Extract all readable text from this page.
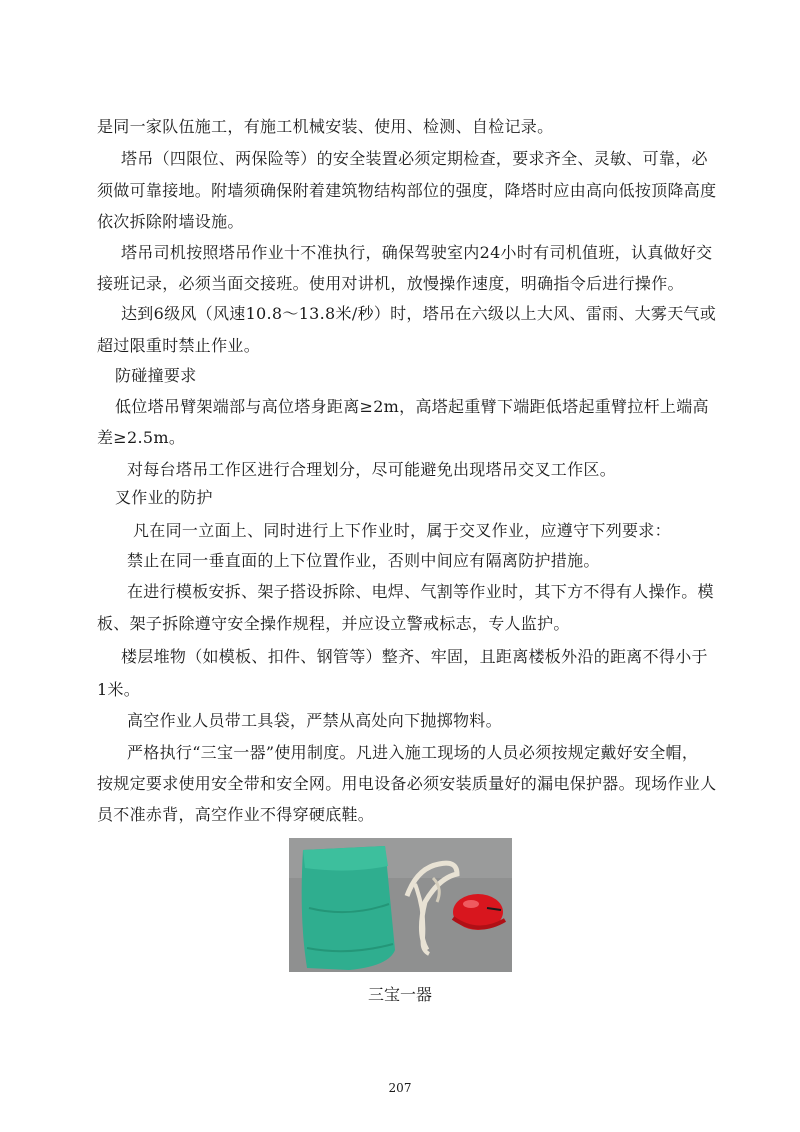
是同一家队伍施工，有施工机械安装、使用、检测、自检记录。
塔吊（四限位、两保险等）的安全装置必须定期检查，要求齐全、灵敏、可靠，必
须做可靠接地。附墙须确保附着建筑物结构部位的强度，降塔时应由高向低按顶降高度
依次拆除附墙设施。
塔吊司机按照塔吊作业十不准执行，确保驾驶室内24小时有司机值班，认真做好交
接班记录，必须当面交接班。使用对讲机，放慢操作速度，明确指令后进行操作。
达到6级风（风速10.8～13.8米/秒）时，塔吊在六级以上大风、雷雨、大雾天气或
超过限重时禁止作业。
防碰撞要求
低位塔吊臂架端部与高位塔身距离≥2m，高塔起重臂下端距低塔起重臂拉杆上端高
差≥2.5m。
对每台塔吊工作区进行合理划分，尽可能避免出现塔吊交叉工作区。
叉作业的防护
凡在同一立面上、同时进行上下作业时，属于交叉作业，应遵守下列要求：
禁止在同一垂直面的上下位置作业，否则中间应有隔离防护措施。
在进行模板安拆、架子搭设拆除、电焊、气割等作业时，其下方不得有人操作。模
板、架子拆除遵守安全操作规程，并应设立警戒标志，专人监护。
楼层堆物（如模板、扣件、钢管等）整齐、牢固，且距离楼板外沿的距离不得小于
1米。
高空作业人员带工具袋，严禁从高处向下抛掷物料。
严格执行“三宝一器”使用制度。凡进入施工现场的人员必须按规定戴好安全帽，
按规定要求使用安全带和安全网。用电设备必须安装质量好的漏电保护器。现场作业人
员不准赤背，高空作业不得穿硬底鞋。
三宝一器
207
